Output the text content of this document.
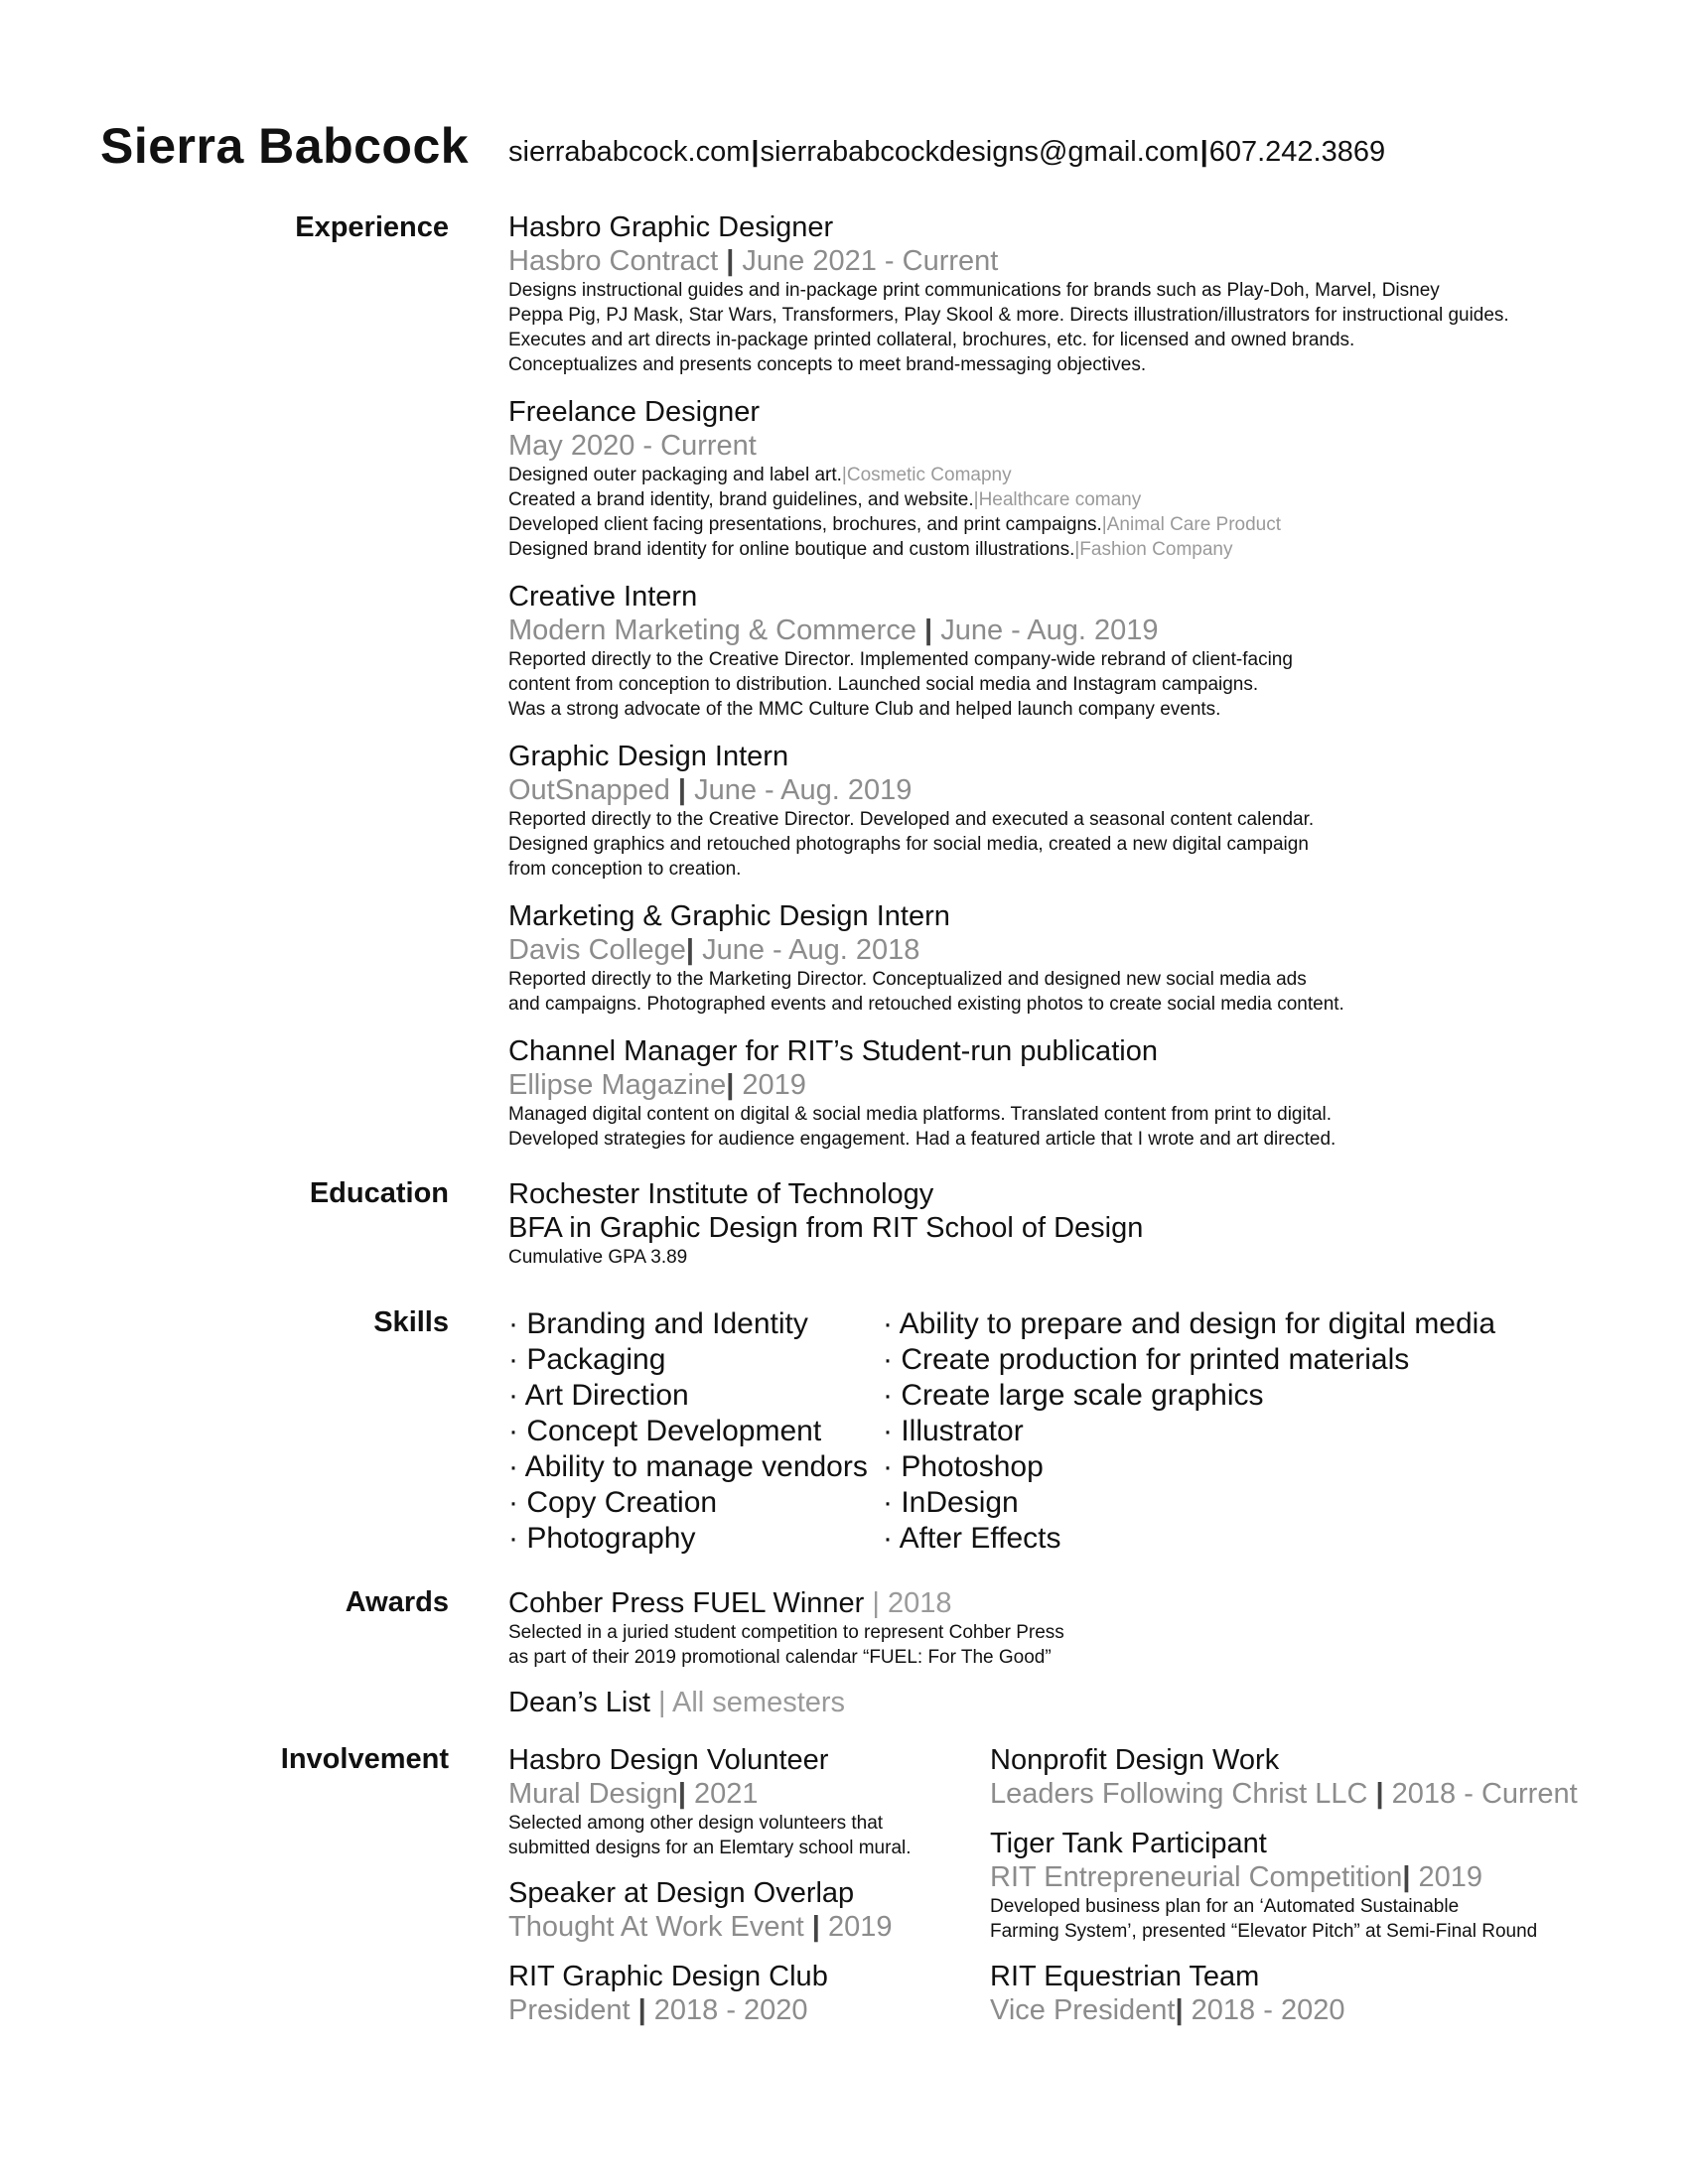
Sierra Babcock sierrababcock.com|sierrababcockdesigns@gmail.com|607.242.3869
Experience
Education
Skills
Awards
Involvement
Hasbro Graphic Designer
Hasbro Contract | June 2021 - Current
Designs instructional guides and in-package print communications for brands such as Play-Doh, Marvel, Disney
Peppa Pig, PJ Mask, Star Wars, Transformers, Play Skool & more. Directs illustration/illustrators for instructional guides.
Executes and art directs in-package printed collateral, brochures, etc. for licensed and owned brands.
Conceptualizes and presents concepts to meet brand-messaging objectives.
Freelance Designer
May 2020 - Current
Designed outer packaging and label art.|Cosmetic Comapny
Created a brand identity, brand guidelines, and website.|Healthcare comany
Developed client facing presentations, brochures, and print campaigns.|Animal Care Product
Designed brand identity for online boutique and custom illustrations.|Fashion Company
Creative Intern
Modern Marketing & Commerce | June - Aug. 2019
Reported directly to the Creative Director. Implemented company-wide rebrand of client-facing
content from conception to distribution. Launched social media and Instagram campaigns.
Was a strong advocate of the MMC Culture Club and helped launch company events.
Graphic Design Intern
OutSnapped | June - Aug. 2019
Reported directly to the Creative Director. Developed and executed a seasonal content calendar.
Designed graphics and retouched photographs for social media, created a new digital campaign
from conception to creation.
Marketing & Graphic Design Intern
Davis College| June - Aug. 2018
Reported directly to the Marketing Director. Conceptualized and designed new social media ads
and campaigns. Photographed events and retouched existing photos to create social media content.
Channel Manager for RIT’s Student-run publication
Ellipse Magazine| 2019
Managed digital content on digital & social media platforms. Translated content from print to digital.
Developed strategies for audience engagement. Had a featured article that I wrote and art directed.
Rochester Institute of Technology
BFA in Graphic Design from RIT School of Design
Cumulative GPA 3.89
· Branding and Identity
· Packaging
· Art Direction
· Concept Development
· Ability to manage vendors
· Copy Creation
· Photography
· Ability to prepare and design for digital media
· Create production for printed materials
· Create large scale graphics
· Illustrator
· Photoshop
· InDesign
· After Effects
Cohber Press FUEL Winner | 2018
Selected in a juried student competition to represent Cohber Press
as part of their 2019 promotional calendar “FUEL: For The Good”
Dean’s List | All semesters
Hasbro Design Volunteer
Mural Design| 2021
Selected among other design volunteers that
submitted designs for an Elemtary school mural.
Speaker at Design Overlap
Thought At Work Event | 2019
RIT Graphic Design Club
President | 2018 - 2020
Nonprofit Design Work
Leaders Following Christ LLC | 2018 - Current
Tiger Tank Participant
RIT Entrepreneurial Competition| 2019
Developed business plan for an ‘Automated Sustainable
Farming System’, presented “Elevator Pitch” at Semi-Final Round
RIT Equestrian Team
Vice President| 2018 - 2020
